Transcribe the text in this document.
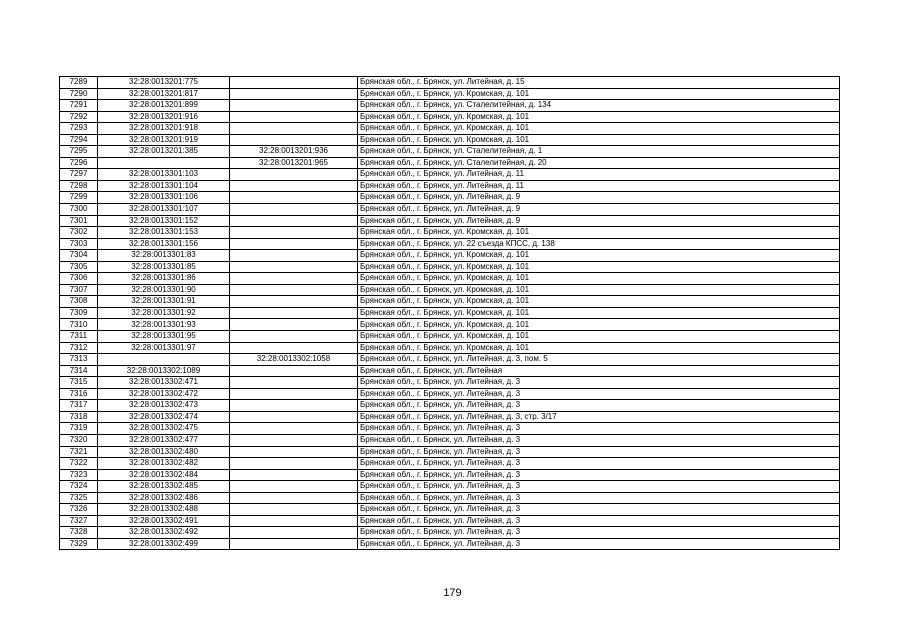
7289	32:28:0013201:775		Брянская обл., г. Брянск, ул. Литейная, д. 15
7290	32:28:0013201:817		Брянская обл., г. Брянск, ул. Кромская, д. 101
7291	32:28:0013201:899		Брянская обл., г. Брянск, ул. Сталелитейная, д. 134
7292	32:28:0013201:916		Брянская обл., г. Брянск, ул. Кромская, д. 101
7293	32:28:0013201:918		Брянская обл., г. Брянск, ул. Кромская, д. 101
7294	32:28:0013201:919		Брянская обл., г. Брянск, ул. Кромская, д. 101
7295	32:28:0013201:385	32:28:0013201:936	Брянская обл., г. Брянск, ул. Сталелитейная, д. 1
7296		32:28:0013201:965	Брянская обл., г. Брянск, ул. Сталелитейная, д. 20
7297	32:28:0013301:103		Брянская обл., г. Брянск, ул. Литейная, д. 11
7298	32:28:0013301:104		Брянская обл., г. Брянск, ул. Литейная, д. 11
7299	32:28:0013301:106		Брянская обл., г. Брянск, ул. Литейная, д. 9
7300	32:28:0013301:107		Брянская обл., г. Брянск, ул. Литейная, д. 9
7301	32:28:0013301:152		Брянская обл., г. Брянск, ул. Литейная, д. 9
7302	32:28:0013301:153		Брянская обл., г. Брянск, ул. Кромская, д. 101
7303	32:28:0013301:156		Брянская обл., г. Брянск, ул. 22 съезда КПСС, д. 138
7304	32:28:0013301:83		Брянская обл., г. Брянск, ул. Кромская, д. 101
7305	32:28:0013301:85		Брянская обл., г. Брянск, ул. Кромская, д. 101
7306	32:28:0013301:86		Брянская обл., г. Брянск, ул. Кромская, д. 101
7307	32:28:0013301:90		Брянская обл., г. Брянск, ул. Кромская, д. 101
7308	32:28:0013301:91		Брянская обл., г. Брянск, ул. Кромская, д. 101
7309	32:28:0013301:92		Брянская обл., г. Брянск, ул. Кромская, д. 101
7310	32:28:0013301:93		Брянская обл., г. Брянск, ул. Кромская, д. 101
7311	32:28:0013301:95		Брянская обл., г. Брянск, ул. Кромская, д. 101
7312	32:28:0013301:97		Брянская обл., г. Брянск, ул. Кромская, д. 101
7313		32:28:0013302:1058	Брянская обл., г. Брянск, ул. Литейная, д. 3, пом. 5
7314	32:28:0013302:1089		Брянская обл., г. Брянск, ул. Литейная
7315	32:28:0013302:471		Брянская обл., г. Брянск, ул. Литейная, д. 3
7316	32:28:0013302:472		Брянская обл., г. Брянск, ул. Литейная, д. 3
7317	32:28:0013302:473		Брянская обл., г. Брянск, ул. Литейная, д. 3
7318	32:28:0013302:474		Брянская обл., г. Брянск, ул. Литейная, д. 3, стр. 3/17
7319	32:28:0013302:475		Брянская обл., г. Брянск, ул. Литейная, д. 3
7320	32:28:0013302:477		Брянская обл., г. Брянск, ул. Литейная, д. 3
7321	32:28:0013302:480		Брянская обл., г. Брянск, ул. Литейная, д. 3
7322	32:28:0013302:482		Брянская обл., г. Брянск, ул. Литейная, д. 3
7323	32:28:0013302:484		Брянская обл., г. Брянск, ул. Литейная, д. 3
7324	32:28:0013302:485		Брянская обл., г. Брянск, ул. Литейная, д. 3
7325	32:28:0013302:486		Брянская обл., г. Брянск, ул. Литейная, д. 3
7326	32:28:0013302:488		Брянская обл., г. Брянск, ул. Литейная, д. 3
7327	32:28:0013302:491		Брянская обл., г. Брянск, ул. Литейная, д. 3
7328	32:28:0013302:492		Брянская обл., г. Брянск, ул. Литейная, д. 3
7329	32:28:0013302:499		Брянская обл., г. Брянск, ул. Литейная, д. 3
179
